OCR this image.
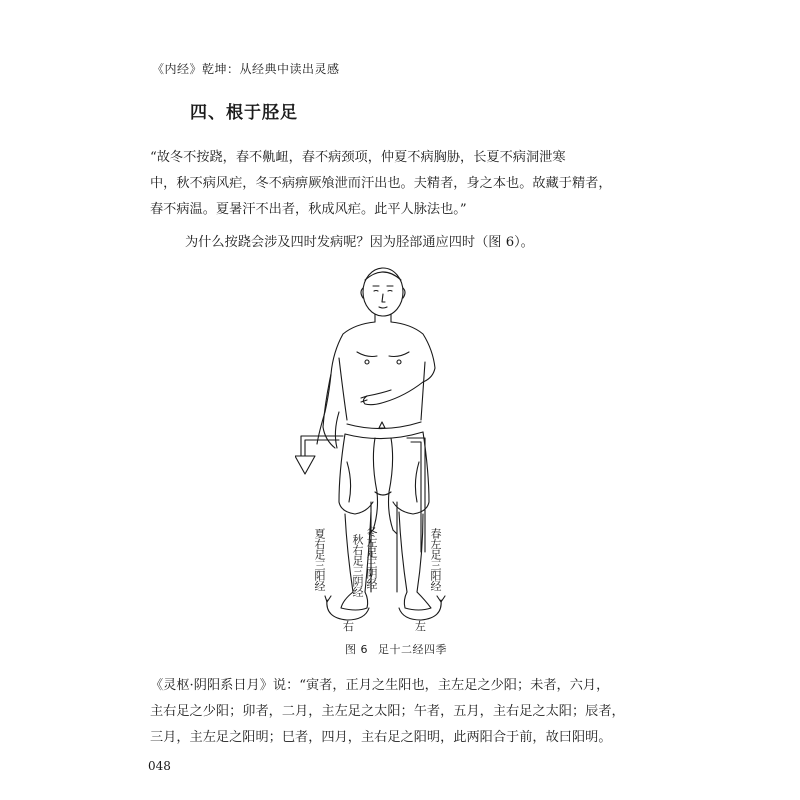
《内经》乾坤：从经典中读出灵感
四、根于胫足

“故冬不按跷，春不鼽衄，春不病颈项，仲夏不病胸胁，长夏不病洞泄寒
中，秋不病风疟，冬不病痹厥飧泄而汗出也。夫精者，身之本也。故藏于精者，
春不病温。夏暑汗不出者，秋成风疟。此平人脉法也。”

为什么按跷会涉及四时发病呢？因为胫部通应四时（图 6）。

夏右足三阳经 秋右足三阴经 冬左足三阴经	春左足三阳经
右	左
图 6 足十二经四季

《灵枢·阴阳系日月》说：“寅者，正月之生阳也，主左足之少阳；未者，六月，
主右足之少阳；卯者，二月，主左足之太阳；午者，五月，主右足之太阳；辰者，
三月，主左足之阳明；巳者，四月，主右足之阳明，此两阳合于前，故曰阳明。

048
